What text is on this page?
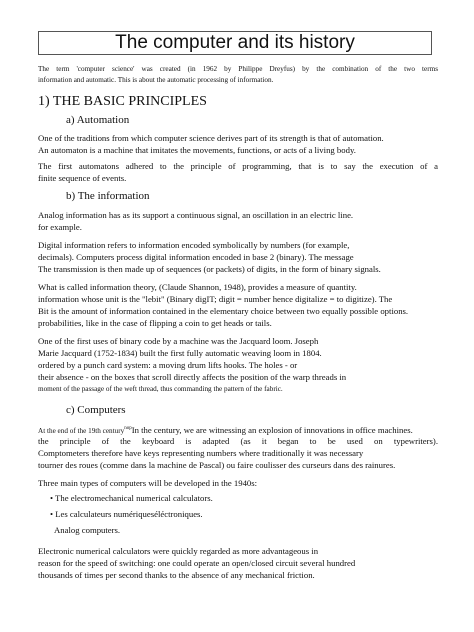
The computer and its history
The term 'computer science' was created (in 1962 by Philippe Dreyfus) by the combination of the two terms
information and automatic. This is about the automatic processing of information.
1) THE BASIC PRINCIPLES
a) Automation
One of the traditions from which computer science derives part of its strength is that of automation.
An automaton is a machine that imitates the movements, functions, or acts of a living body.
The first automatons adhered to the principle of programming, that is to say the execution of a
finite sequence of events.
b) The information
Analog information has as its support a continuous signal, an oscillation in an electric line.
for example.
Digital information refers to information encoded symbolically by numbers (for example,
decimals). Computers process digital information encoded in base 2 (binary). The message
The transmission is then made up of sequences (or packets) of digits, in the form of binary signals.
What is called information theory, (Claude Shannon, 1948), provides a measure of quantity.
information whose unit is the "lebit" (Binary digIT; digit = number hence digitalize = to digitize). The
Bit is the amount of information contained in the elementary choice between two equally possible options.
probabilities, like in the case of flipping a coin to get heads or tails.
One of the first uses of binary code by a machine was the Jacquard loom. Joseph
Marie Jacquard (1752-1834) built the first fully automatic weaving loom in 1804.
ordered by a punch card system: a moving drum lifts hooks. The holes - or
their absence - on the boxes that scroll directly affects the position of the warp threads in
moment of the passage of the weft thread, thus commanding the pattern of the fabric.
c) Computers
At the end of the 19th century$^{nop}$In the century, we are witnessing an explosion of innovations in office machines.
the principle of the keyboard is adapted (as it began to be used on typewriters).
Comptometers therefore have keys representing numbers where traditionally it was necessary
tourner des roues (comme dans la machine de Pascal) ou faire coulisser des curseurs dans des rainures.
Three main types of computers will be developed in the 1940s:
• The electromechanical numerical calculators.
• Les calculateurs numériqueséléctroniques.
Analog computers.
Electronic numerical calculators were quickly regarded as more advantageous in
reason for the speed of switching: one could operate an open/closed circuit several hundred
thousands of times per second thanks to the absence of any mechanical friction.
